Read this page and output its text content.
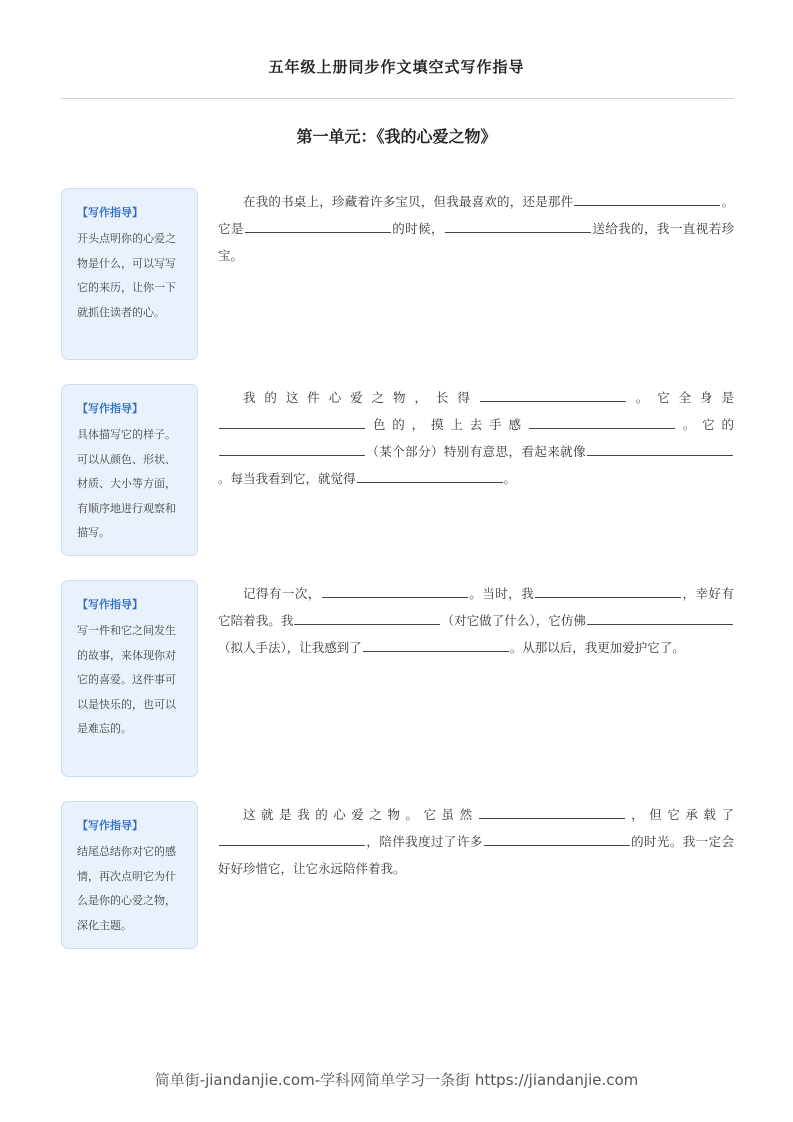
五年级上册同步作文填空式写作指导
第一单元：《我的心爱之物》
【写作指导】
开头点明你的心爱之物是什么，可以写写它的来历，让你一下就抓住读者的心。
在我的书桌上，珍藏着许多宝贝，但我最喜欢的，还是那件	。它是	的时候，	送给我的，我一直视若珍宝。
【写作指导】
具体描写它的样子。可以从颜色、形状、材质、大小等方面，有顺序地进行观察和描写。
我的这件心爱之物，长得	。它全身是色的，摸上去手感	。它的（某个部分）特别有意思，看起来就像。每当我看到它，就觉得	。
【写作指导】
写一件和它之间发生的故事，来体现你对它的喜爱。这件事可以是快乐的，也可以是难忘的。
记得有一次，	。当时，我	，幸好有它陪着我。我	（对它做了什么），它仿佛（拟人手法），让我感到了	。从那以后，我更加爱护它了。
【写作指导】
结尾总结你对它的感情，再次点明它为什么是你的心爱之物，深化主题。
这就是我的心爱之物。它虽然	，但它承载了，陪伴我度过了许多	的时光。我一定会好好珍惜它，让它永远陪伴着我。
简单街-jiandanjie.com-学科网简单学习一条街 https://jiandanjie.com
